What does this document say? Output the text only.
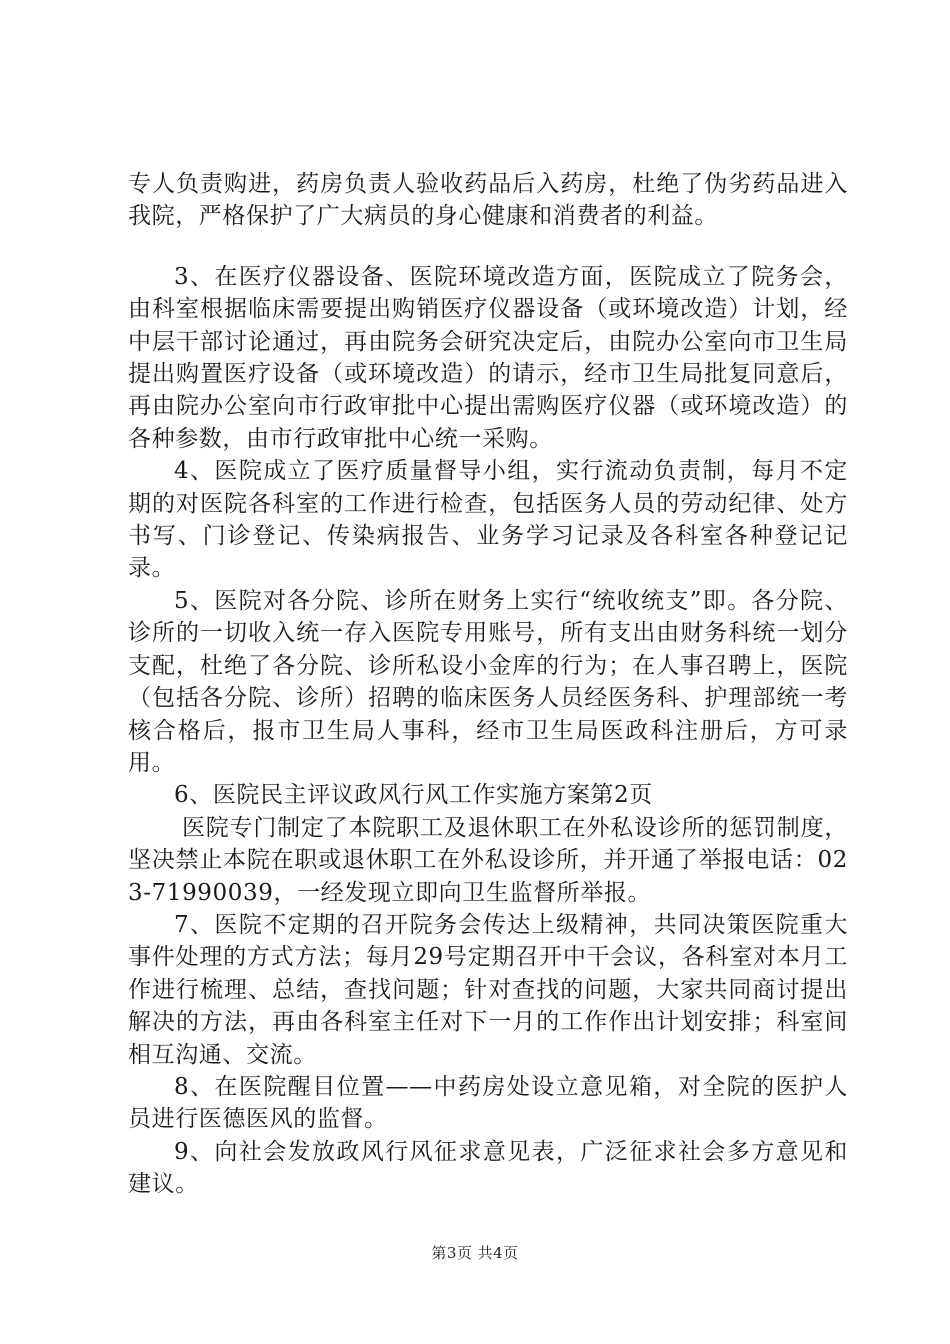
专人负责购进，药房负责人验收药品后入药房，杜绝了伪劣药品进入我院，严格保护了广大病员的身心健康和消费者的利益。

3、在医疗仪器设备、医院环境改造方面，医院成立了院务会，由科室根据临床需要提出购销医疗仪器设备（或环境改造）计划，经中层干部讨论通过，再由院务会研究决定后，由院办公室向市卫生局提出购置医疗设备（或环境改造）的请示，经市卫生局批复同意后，再由院办公室向市行政审批中心提出需购医疗仪器（或环境改造）的各种参数，由市行政审批中心统一采购。

4、医院成立了医疗质量督导小组，实行流动负责制，每月不定期的对医院各科室的工作进行检查，包括医务人员的劳动纪律、处方书写、门诊登记、传染病报告、业务学习记录及各科室各种登记记录。

5、医院对各分院、诊所在财务上实行“统收统支”即。各分院、诊所的一切收入统一存入医院专用账号，所有支出由财务科统一划分支配，杜绝了各分院、诊所私设小金库的行为；在人事召聘上，医院（包括各分院、诊所）招聘的临床医务人员经医务科、护理部统一考核合格后，报市卫生局人事科，经市卫生局医政科注册后，方可录用。

6、医院民主评议政风行风工作实施方案第2页

医院专门制定了本院职工及退休职工在外私设诊所的惩罚制度，坚决禁止本院在职或退休职工在外私设诊所，并开通了举报电话：023-71990039，一经发现立即向卫生监督所举报。

7、医院不定期的召开院务会传达上级精神，共同决策医院重大事件处理的方式方法；每月29号定期召开中干会议，各科室对本月工作进行梳理、总结，查找问题；针对查找的问题，大家共同商讨提出解决的方法，再由各科室主任对下一月的工作作出计划安排；科室间相互沟通、交流。

8、在医院醒目位置——中药房处设立意见箱，对全院的医护人员进行医德医风的监督。

9、向社会发放政风行风征求意见表，广泛征求社会多方意见和建议。

第3页 共4页
